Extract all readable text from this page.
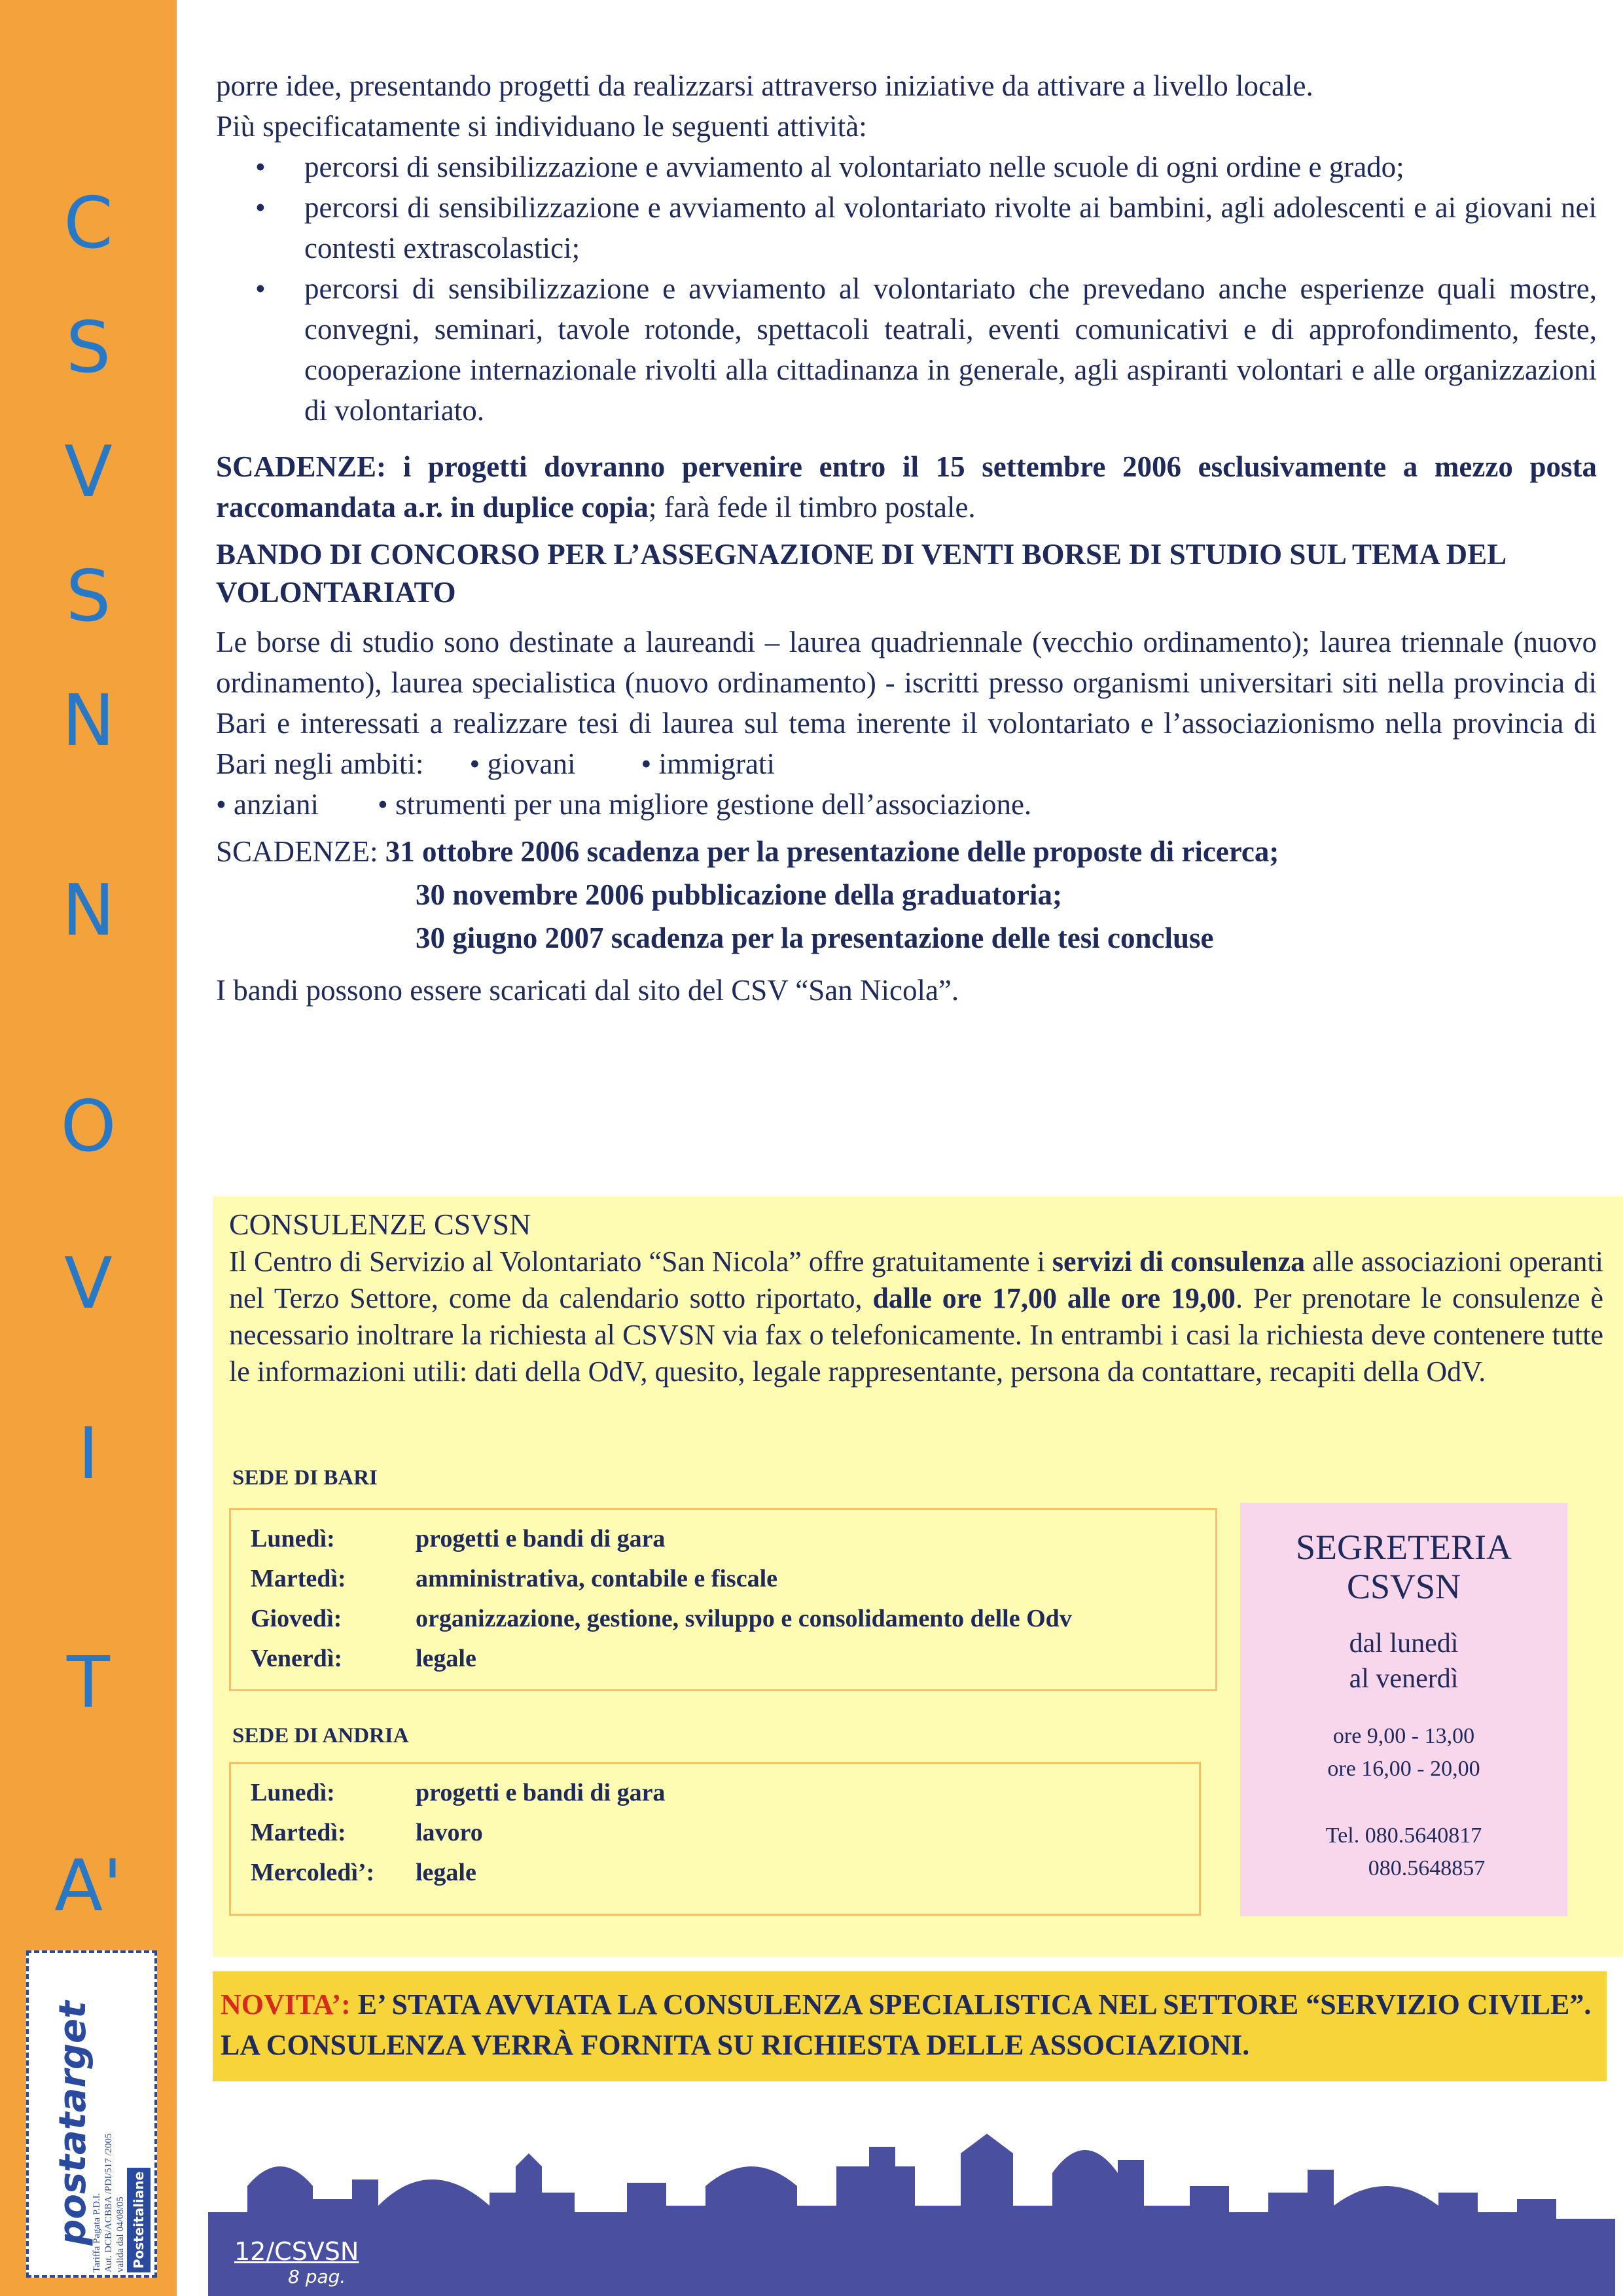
C
S
V
S
N
N
O
V
I
T
A'
postatarget
Tariffa Pagata P.D.I. Aut. DCB/ACBBA /PDI/517 /2005 valida dal 04/08/05 Posteitaliane

porre idee, presentando progetti da realizzarsi attraverso iniziative da attivare a livello locale.

Più specificatamente si individuano le seguenti attività:

• percorsi di sensibilizzazione e avviamento al volontariato nelle scuole di ogni ordine e grado;
• percorsi di sensibilizzazione e avviamento al volontariato rivolte ai bambini, agli adolescenti e ai giovani nei contesti extrascolastici;
• percorsi di sensibilizzazione e avviamento al volontariato che prevedano anche esperienze quali mostre, convegni, seminari, tavole rotonde, spettacoli teatrali, eventi comunicativi e di approfondimento, feste, cooperazione internazionale rivolti alla cittadinanza in generale, agli aspiranti volontari e alle organizzazioni di volontariato.

SCADENZE: i progetti dovranno pervenire entro il 15 settembre 2006 esclusivamente a mezzo posta raccomandata a.r. in duplice copia; farà fede il timbro postale.

BANDO DI CONCORSO PER L’ASSEGNAZIONE DI VENTI BORSE DI STUDIO SUL TEMA DEL VOLONTARIATO

Le borse di studio sono destinate a laureandi – laurea quadriennale (vecchio ordinamento); laurea triennale (nuovo ordinamento), laurea specialistica (nuovo ordinamento) - iscritti presso organismi universitari siti nella provincia di Bari e interessati a realizzare tesi di laurea sul tema inerente il volontariato e l’associazionismo nella provincia di Bari negli ambiti: • giovani • immigrati

• anziani • strumenti per una migliore gestione dell’associazione.

SCADENZE: 31 ottobre 2006 scadenza per la presentazione delle proposte di ricerca;
30 novembre 2006 pubblicazione della graduatoria;
30 giugno 2007 scadenza per la presentazione delle tesi concluse

I bandi possono essere scaricati dal sito del CSV “San Nicola”.

CONSULENZE CSVSN
Il Centro di Servizio al Volontariato “San Nicola” offre gratuitamente i servizi di consulenza alle associazioni operanti nel Terzo Settore, come da calendario sotto riportato, dalle ore 17,00 alle ore 19,00. Per prenotare le consulenze è necessario inoltrare la richiesta al CSVSN via fax o telefonicamente. In entrambi i casi la richiesta deve contenere tutte le informazioni utili: dati della OdV, quesito, legale rappresentante, persona da contattare, recapiti della OdV.
SEDE DI BARI
Lunedì:	progetti e bandi di gara
Martedì:	amministrativa, contabile e fiscale
Giovedì:	organizzazione, gestione, sviluppo e consolidamento delle Odv
Venerdì:	legale
SEDE DI ANDRIA
Lunedì:	progetti e bandi di gara
Martedì:	lavoro
Mercoledì’: legale
SEGRETERIA
CSVSN
dal lunedì
al venerdì
ore 9,00 - 13,00
ore 16,00 - 20,00
Tel. 080.5640817
080.5648857
NOVITA’: E’ STATA AVVIATA LA CONSULENZA SPECIALISTICA NEL SETTORE “SERVIZIO CIVILE”. LA CONSULENZA VERRÀ FORNITA SU RICHIESTA DELLE ASSOCIAZIONI.
12/CSVSN
8 pag.
